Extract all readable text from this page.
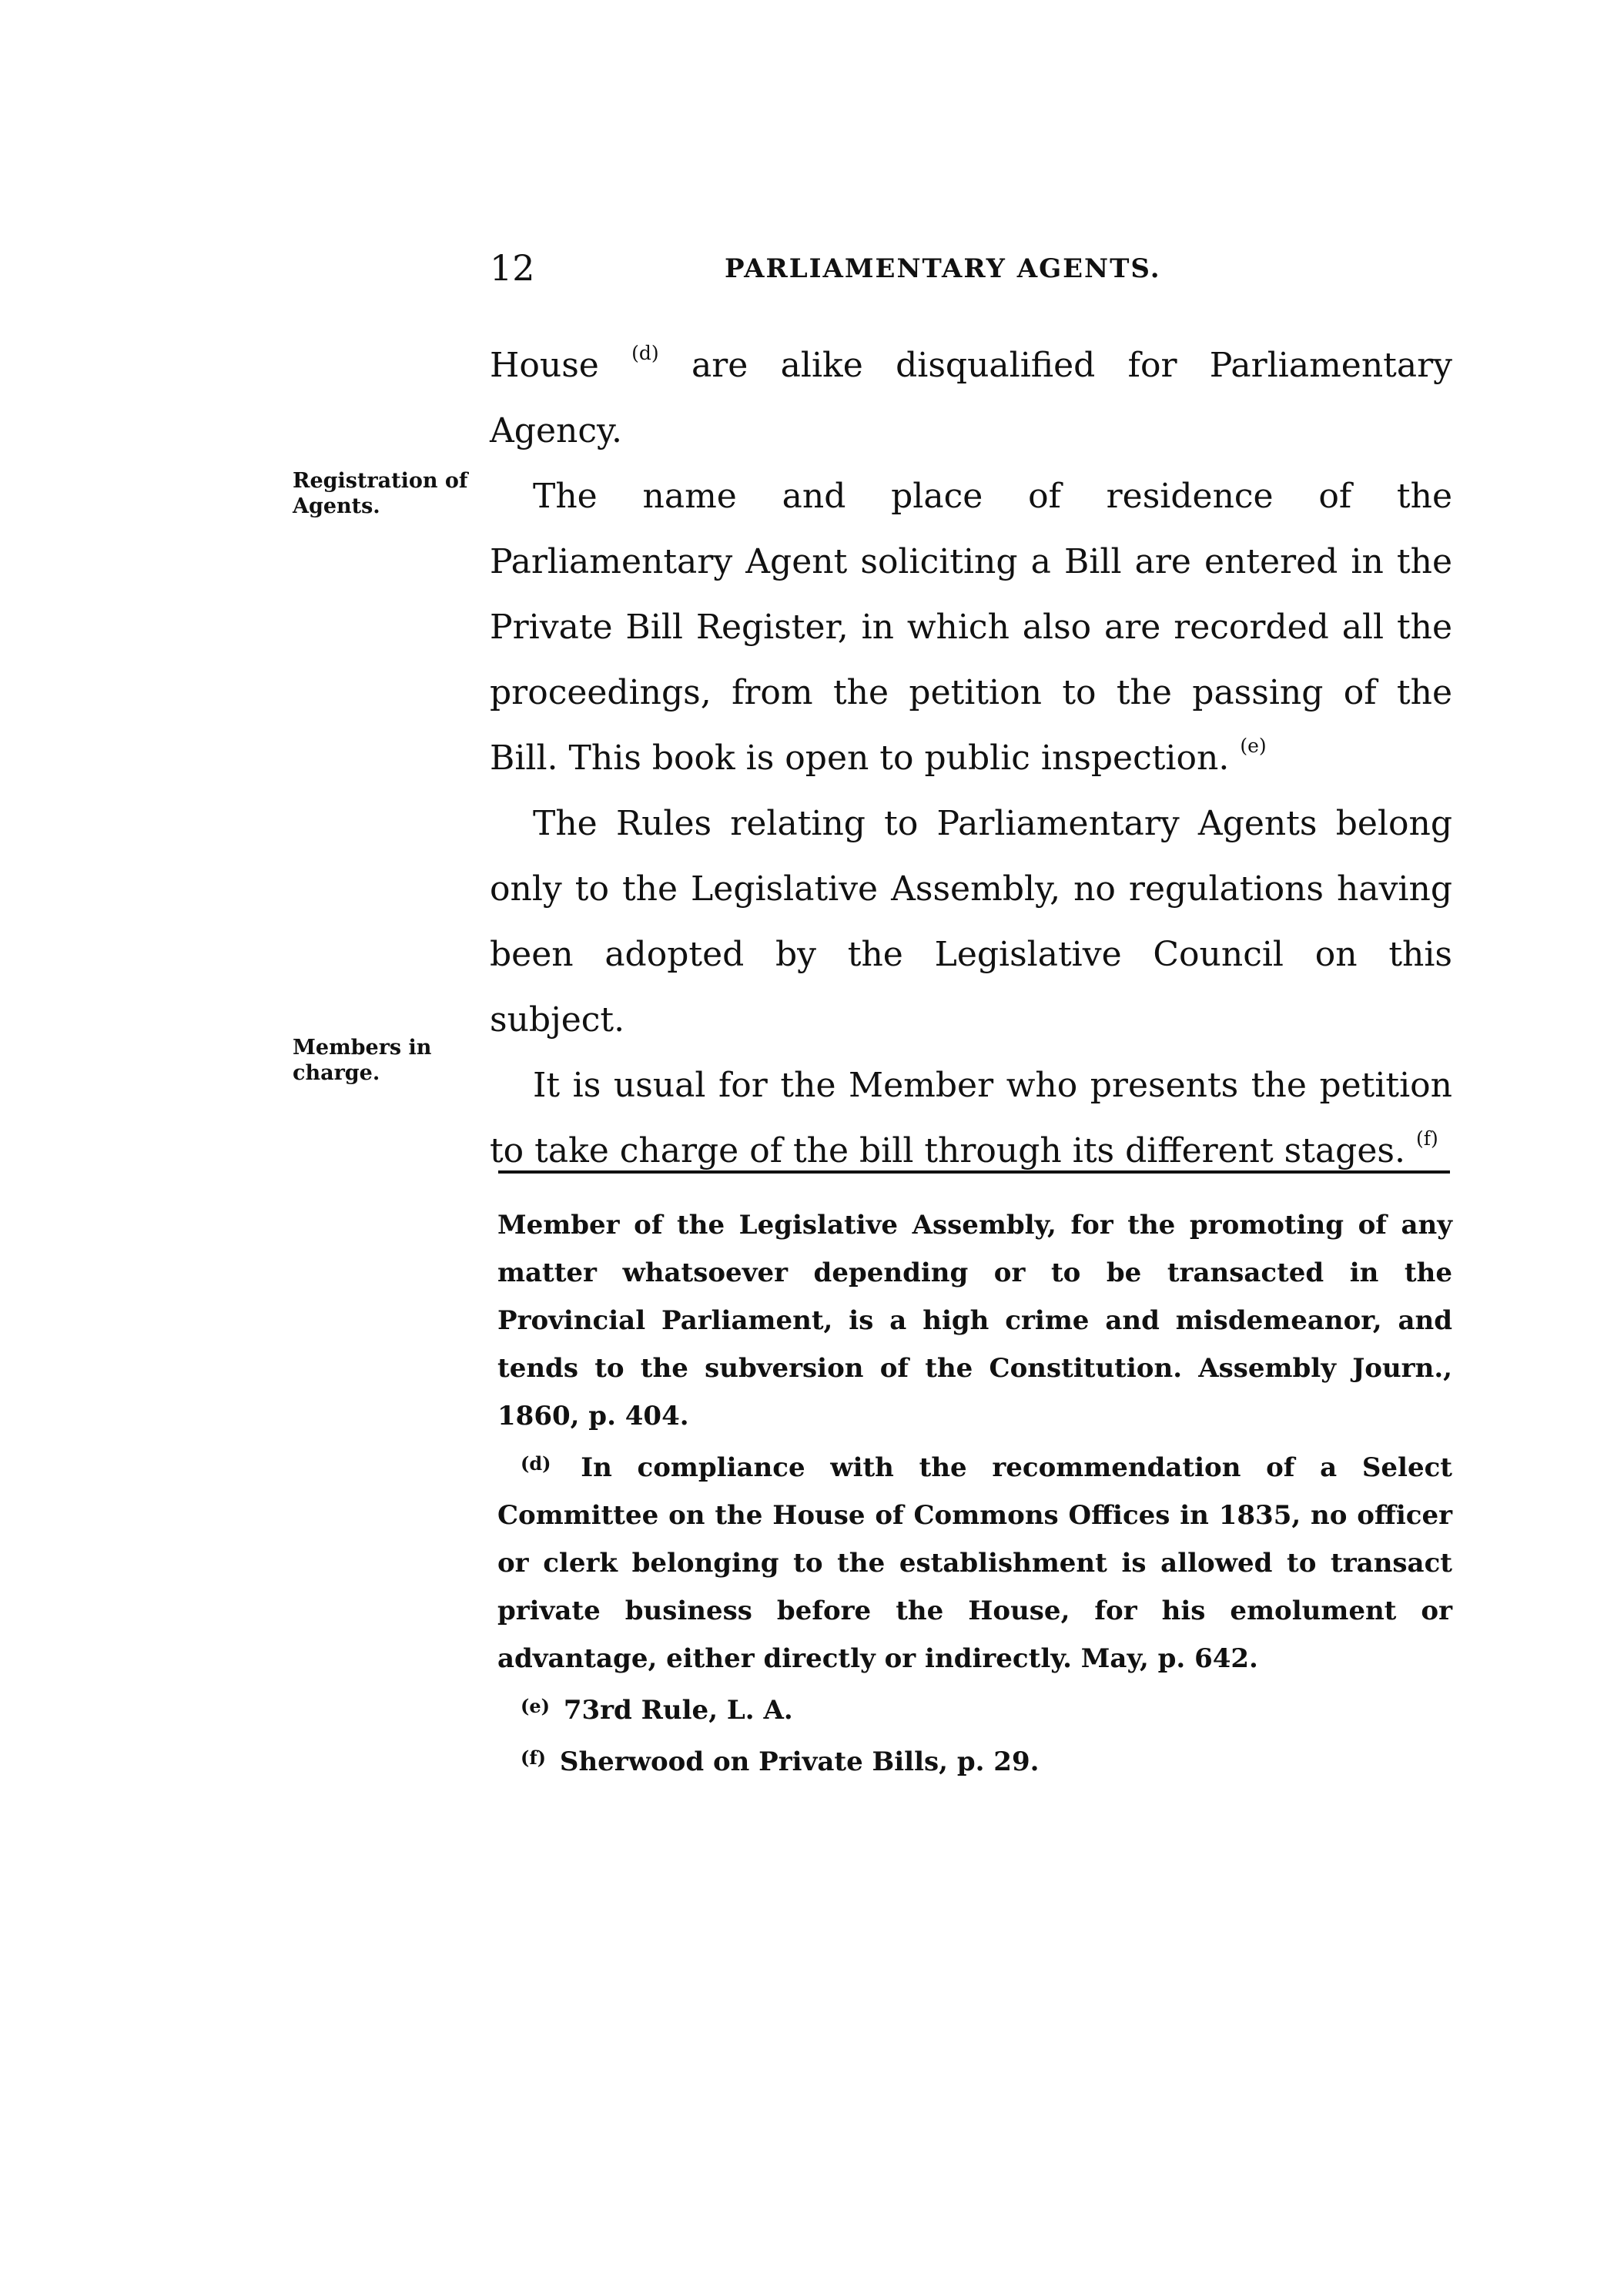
12	PARLIAMENTARY AGENTS.
Registration of Agents.
Members in charge.

House $^{(d)}$ are alike disqualified for Parliamentary Agency.

The name and place of residence of the Parliamentary Agent soliciting a Bill are entered in the Private Bill Register, in which also are recorded all the proceedings, from the petition to the passing of the Bill. This book is open to public inspection. $^{(e)}$

The Rules relating to Parliamentary Agents belong only to the Legislative Assembly, no regulations having been adopted by the Legislative Council on this subject.

It is usual for the Member who presents the petition to take charge of the bill through its different stages. $^{(f)}$

Member of the Legislative Assembly, for the promoting of any matter whatsoever depending or to be transacted in the Provincial Parliament, is a high crime and misdemeanor, and tends to the subversion of the Constitution. Assembly Journ., 1860, p. 404.

$^{(d)}$ In compliance with the recommendation of a Select Committee on the House of Commons Offices in 1835, no officer or clerk belonging to the establishment is allowed to transact private business before the House, for his emolument or advantage, either directly or indirectly. May, p. 642.

$^{(e)}$ 73rd Rule, L. A.

$^{(f)}$ Sherwood on Private Bills, p. 29.
